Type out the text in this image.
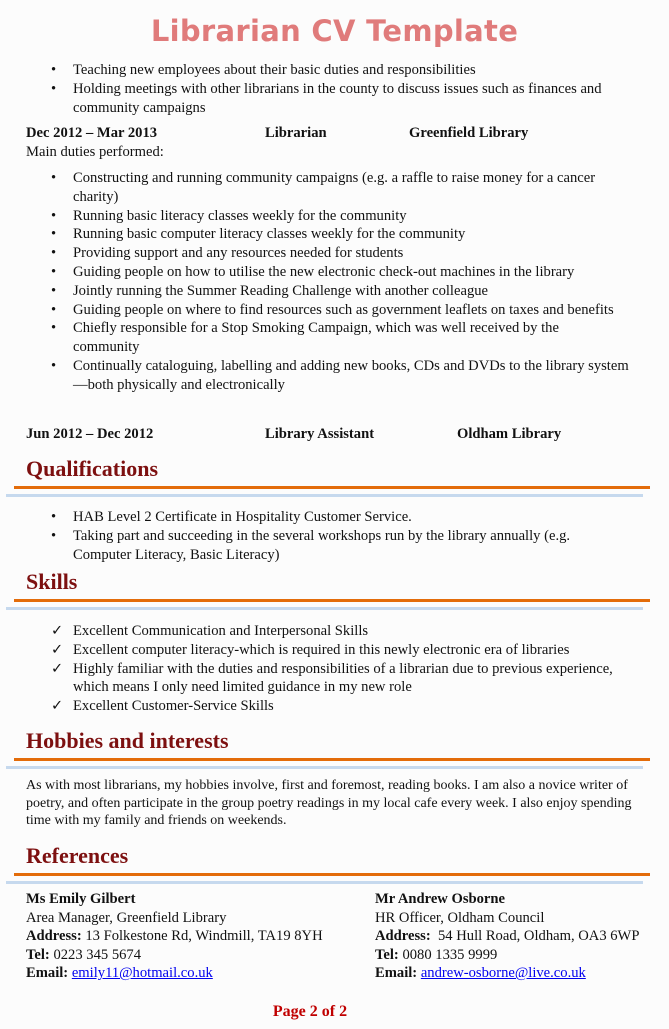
Librarian CV Template
• Teaching new employees about their basic duties and responsibilities
• Holding meetings with other librarians in the county to discuss issues such as finances and community campaigns
Dec 2012 – Mar 2013	Librarian	Greenfield Library
Main duties performed:
• Constructing and running community campaigns (e.g. a raffle to raise money for a cancer charity)
• Running basic literacy classes weekly for the community
• Running basic computer literacy classes weekly for the community
• Providing support and any resources needed for students
• Guiding people on how to utilise the new electronic check-out machines in the library
• Jointly running the Summer Reading Challenge with another colleague
• Guiding people on where to find resources such as government leaflets on taxes and benefits
• Chiefly responsible for a Stop Smoking Campaign, which was well received by the community
• Continually cataloguing, labelling and adding new books, CDs and DVDs to the library system—both physically and electronically
Jun 2012 – Dec 2012	Library Assistant	Oldham Library
Qualifications
• HAB Level 2 Certificate in Hospitality Customer Service.
• Taking part and succeeding in the several workshops run by the library annually (e.g. Computer Literacy, Basic Literacy)
Skills
✓ Excellent Communication and Interpersonal Skills
✓ Excellent computer literacy-which is required in this newly electronic era of libraries
✓ Highly familiar with the duties and responsibilities of a librarian due to previous experience, which means I only need limited guidance in my new role
✓ Excellent Customer-Service Skills
Hobbies and interests
As with most librarians, my hobbies involve, first and foremost, reading books. I am also a novice writer of poetry, and often participate in the group poetry readings in my local cafe every week. I also enjoy spending time with my family and friends on weekends.
References
Ms Emily Gilbert
Area Manager, Greenfield Library
Address: 13 Folkestone Rd, Windmill, TA19 8YH
Tel: 0223 345 5674
Email: emily11@hotmail.co.uk
Mr Andrew Osborne
HR Officer, Oldham Council
Address: 54 Hull Road, Oldham, OA3 6WP
Tel: 0080 1335 9999
Email: andrew-osborne@live.co.uk
Page 2 of 2
